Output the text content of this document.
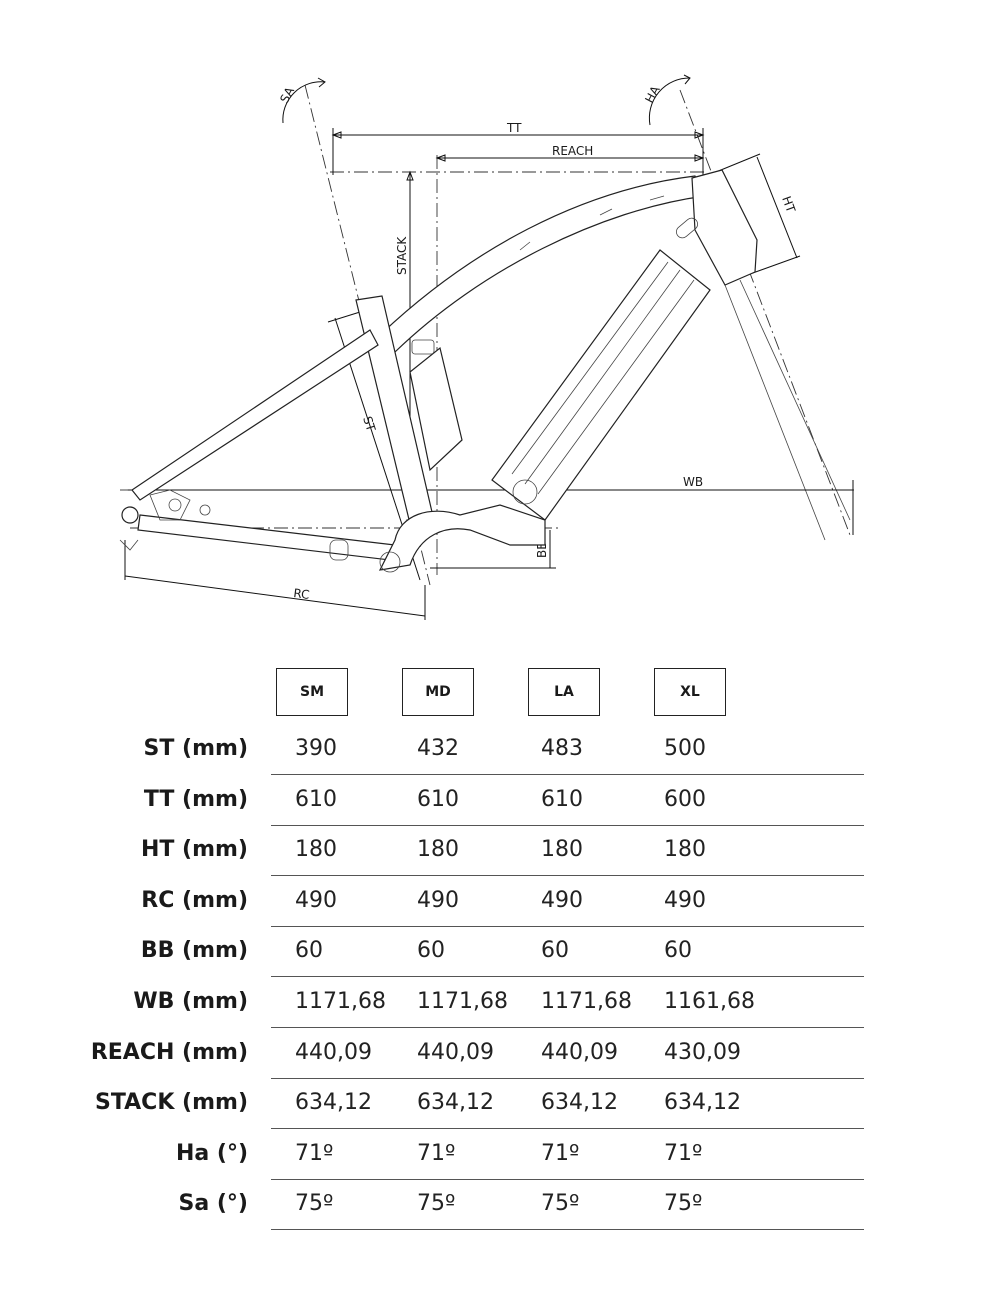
SA	HA
TT
REACH
STACK
HT
ST
WB
BB
RC
SM	MD	LA	XL
ST (mm) 390	432	483	500
TT (mm) 610	610	610	600
HT (mm) 180	180	180	180
RC (mm) 490	490	490	490
BB (mm) 60	60	60	60
WB (mm) 1171,68 1171,68 1171,68 1161,68
REACH (mm) 440,09 440,09 440,09 430,09
STACK (mm) 634,12 634,12 634,12 634,12
Ha (°) 71º	71º	71º	71º
Sa (°) 75º	75º	75º	75º
